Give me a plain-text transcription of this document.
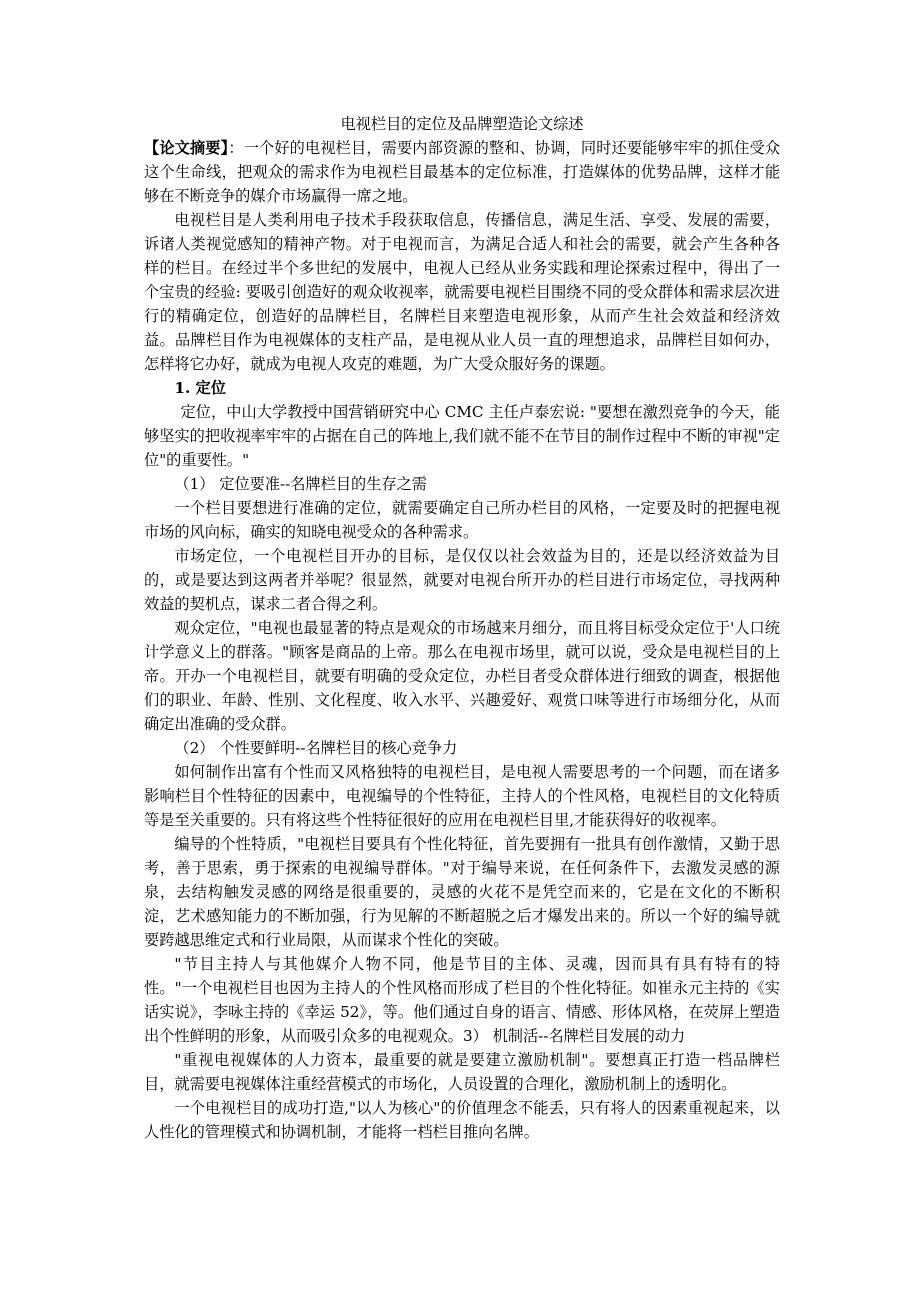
电视栏目的定位及品牌塑造论文综述

【论文摘要】：一个好的电视栏目，需要内部资源的整和、协调，同时还要能够牢牢的抓住受众这个生命线，把观众的需求作为电视栏目最基本的定位标准，打造媒体的优势品牌，这样才能够在不断竞争的媒介市场赢得一席之地。

电视栏目是人类利用电子技术手段获取信息，传播信息，满足生活、享受、发展的需要，诉诸人类视觉感知的精神产物。对于电视而言，为满足合适人和社会的需要，就会产生各种各样的栏目。在经过半个多世纪的发展中，电视人已经从业务实践和理论探索过程中，得出了一个宝贵的经验: 要吸引创造好的观众收视率，就需要电视栏目围绕不同的受众群体和需求层次进行的精确定位，创造好的品牌栏目，名牌栏目来塑造电视形象，从而产生社会效益和经济效益。品牌栏目作为电视媒体的支柱产品，是电视从业人员一直的理想追求，品牌栏目如何办，怎样将它办好，就成为电视人攻克的难题，为广大受众服好务的课题。

1. 定位

定位，中山大学教授中国营销研究中心 CMC 主任卢泰宏说: "要想在激烈竞争的今天，能够坚实的把收视率牢牢的占据在自己的阵地上,我们就不能不在节目的制作过程中不断的审视"定位"的重要性。"

（1） 定位要准--名牌栏目的生存之需

一个栏目要想进行准确的定位，就需要确定自己所办栏目的风格，一定要及时的把握电视市场的风向标，确实的知晓电视受众的各种需求。

市场定位，一个电视栏目开办的目标，是仅仅以社会效益为目的，还是以经济效益为目的，或是要达到这两者并举呢？很显然，就要对电视台所开办的栏目进行市场定位，寻找两种效益的契机点，谋求二者合得之利。

观众定位，"电视也最显著的特点是观众的市场越来月细分，而且将目标受众定位于'人口统计学意义上的群落。"顾客是商品的上帝。那么在电视市场里，就可以说，受众是电视栏目的上帝。开办一个电视栏目，就要有明确的受众定位，办栏目者受众群体进行细致的调查，根据他们的职业、年龄、性别、文化程度、收入水平、兴趣爱好、观赏口味等进行市场细分化，从而确定出准确的受众群。

（2） 个性要鲜明--名牌栏目的核心竞争力

如何制作出富有个性而又风格独特的电视栏目，是电视人需要思考的一个问题，而在诸多影响栏目个性特征的因素中，电视编导的个性特征，主持人的个性风格，电视栏目的文化特质等是至关重要的。只有将这些个性特征很好的应用在电视栏目里,才能获得好的收视率。

编导的个性特质，"电视栏目要具有个性化特征，首先要拥有一批具有创作激情，又勤于思考，善于思索，勇于探索的电视编导群体。"对于编导来说，在任何条件下，去激发灵感的源泉，去结构触发灵感的网络是很重要的，灵感的火花不是凭空而来的，它是在文化的不断积淀，艺术感知能力的不断加强，行为见解的不断超脱之后才爆发出来的。所以一个好的编导就要跨越思维定式和行业局限，从而谋求个性化的突破。

"节目主持人与其他媒介人物不同，他是节目的主体、灵魂，因而具有具有特有的特性。"一个电视栏目也因为主持人的个性风格而形成了栏目的个性化特征。如崔永元主持的《实话实说》，李咏主持的《幸运 52》，等。他们通过自身的语言、情感、形体风格，在荧屏上塑造出个性鲜明的形象，从而吸引众多的电视观众。3） 机制活--名牌栏目发展的动力

"重视电视媒体的人力资本，最重要的就是要建立激励机制"。要想真正打造一档品牌栏目，就需要电视媒体注重经营模式的市场化，人员设置的合理化，激励机制上的透明化。

一个电视栏目的成功打造,"以人为核心"的价值理念不能丢，只有将人的因素重视起来，以人性化的管理模式和协调机制，才能将一档栏目推向名牌。
